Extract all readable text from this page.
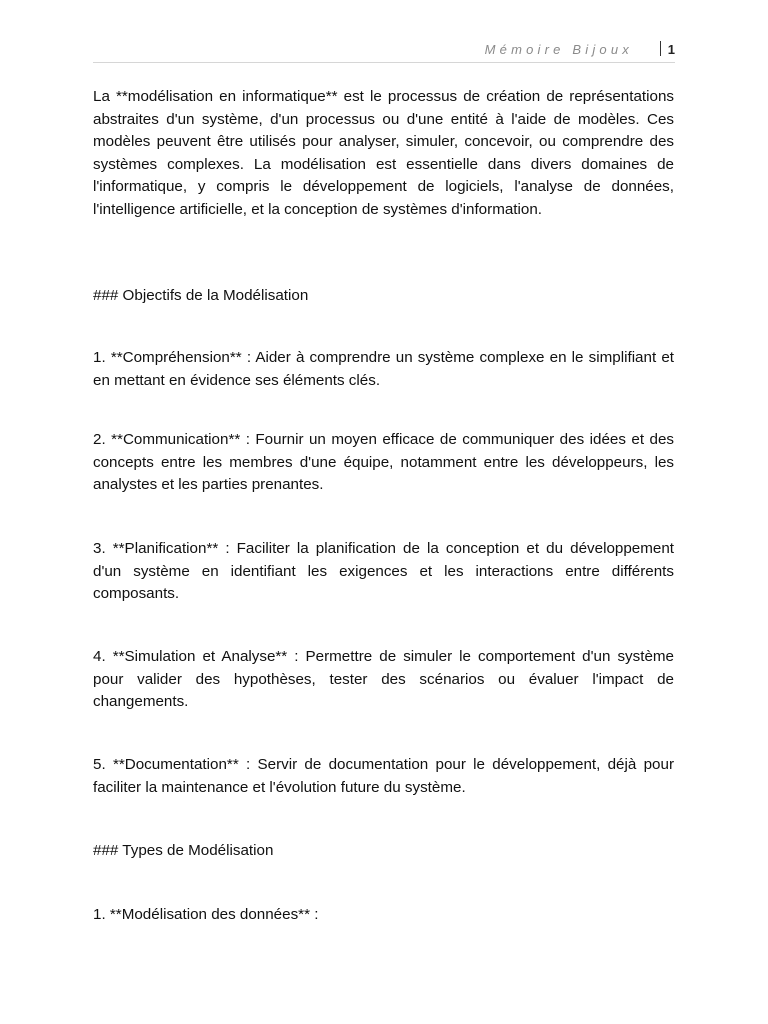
Mémoire Bijoux	1

La **modélisation en informatique** est le processus de création de représentations abstraites d'un système, d'un processus ou d'une entité à l'aide de modèles. Ces modèles peuvent être utilisés pour analyser, simuler, concevoir, ou comprendre des systèmes complexes. La modélisation est essentielle dans divers domaines de l'informatique, y compris le développement de logiciels, l'analyse de données, l'intelligence artificielle, et la conception de systèmes d'information.

### Objectifs de la Modélisation

1. **Compréhension** : Aider à comprendre un système complexe en le simplifiant et en mettant en évidence ses éléments clés.

2. **Communication** : Fournir un moyen efficace de communiquer des idées et des concepts entre les membres d'une équipe, notamment entre les développeurs, les analystes et les parties prenantes.

3. **Planification** : Faciliter la planification de la conception et du développement d'un système en identifiant les exigences et les interactions entre différents composants.

4. **Simulation et Analyse** : Permettre de simuler le comportement d'un système pour valider des hypothèses, tester des scénarios ou évaluer l'impact de changements.

5. **Documentation** : Servir de documentation pour le développement, déjà pour faciliter la maintenance et l'évolution future du système.

### Types de Modélisation

1. **Modélisation des données** :
